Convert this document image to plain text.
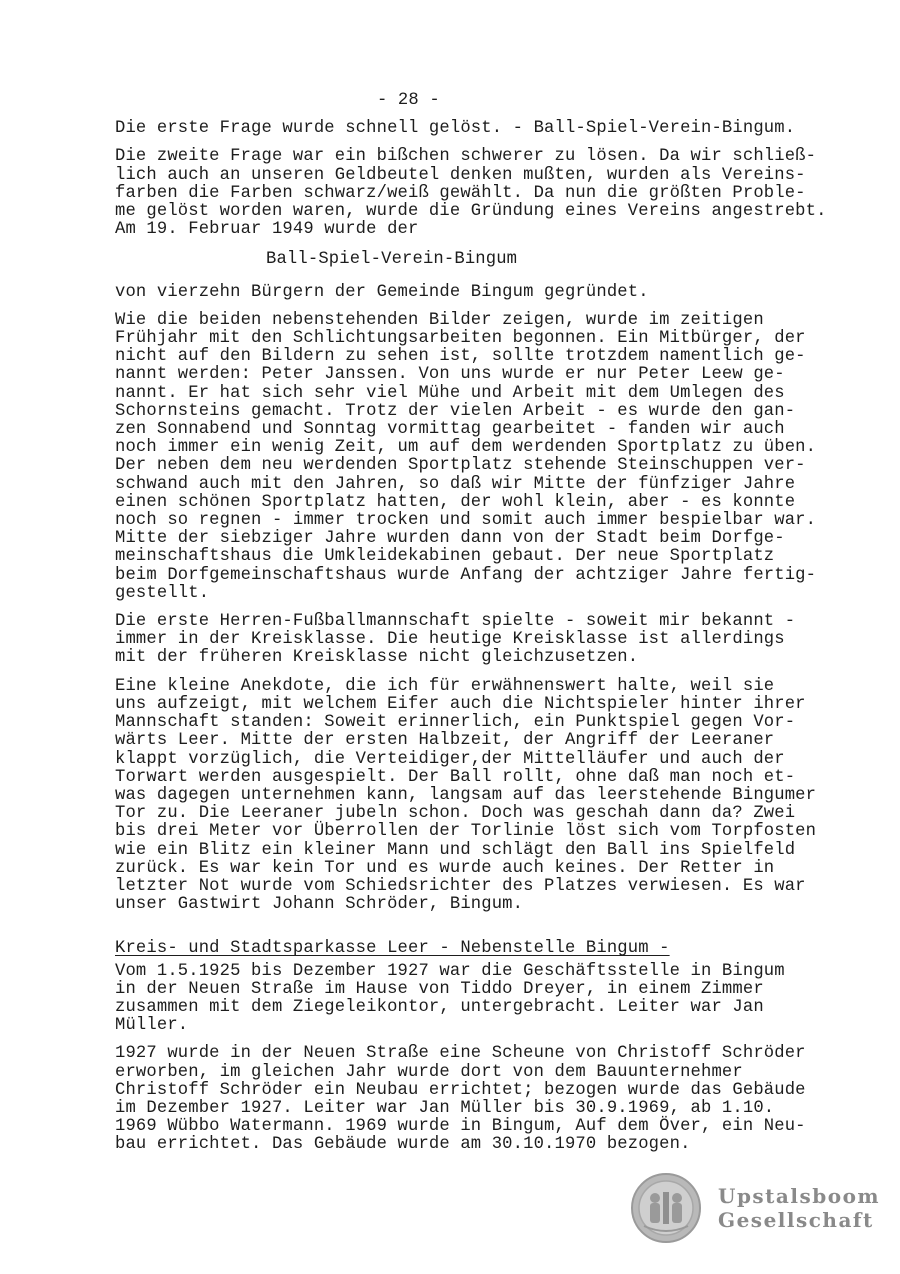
- 28 -

Die erste Frage wurde schnell gelöst. - Ball-Spiel-Verein-Bingum.

Die zweite Frage war ein bißchen schwerer zu lösen. Da wir schließ-
lich auch an unseren Geldbeutel denken mußten, wurden als Vereins-
farben die Farben schwarz/weiß gewählt. Da nun die größten Proble-
me gelöst worden waren, wurde die Gründung eines Vereins angestrebt.
Am 19. Februar 1949 wurde der

Ball-Spiel-Verein-Bingum

von vierzehn Bürgern der Gemeinde Bingum gegründet.

Wie die beiden nebenstehenden Bilder zeigen, wurde im zeitigen
Frühjahr mit den Schlichtungsarbeiten begonnen. Ein Mitbürger, der
nicht auf den Bildern zu sehen ist, sollte trotzdem namentlich ge-
nannt werden: Peter Janssen. Von uns wurde er nur Peter Leew ge-
nannt. Er hat sich sehr viel Mühe und Arbeit mit dem Umlegen des
Schornsteins gemacht. Trotz der vielen Arbeit - es wurde den gan-
zen Sonnabend und Sonntag vormittag gearbeitet - fanden wir auch
noch immer ein wenig Zeit, um auf dem werdenden Sportplatz zu üben.
Der neben dem neu werdenden Sportplatz stehende Steinschuppen ver-
schwand auch mit den Jahren, so daß wir Mitte der fünfziger Jahre
einen schönen Sportplatz hatten, der wohl klein, aber - es konnte
noch so regnen - immer trocken und somit auch immer bespielbar war.
Mitte der siebziger Jahre wurden dann von der Stadt beim Dorfge-
meinschaftshaus die Umkleidekabinen gebaut. Der neue Sportplatz
beim Dorfgemeinschaftshaus wurde Anfang der achtziger Jahre fertig-
gestellt.

Die erste Herren-Fußballmannschaft spielte - soweit mir bekannt -
immer in der Kreisklasse. Die heutige Kreisklasse ist allerdings
mit der früheren Kreisklasse nicht gleichzusetzen.

Eine kleine Anekdote, die ich für erwähnenswert halte, weil sie
uns aufzeigt, mit welchem Eifer auch die Nichtspieler hinter ihrer
Mannschaft standen: Soweit erinnerlich, ein Punktspiel gegen Vor-
wärts Leer. Mitte der ersten Halbzeit, der Angriff der Leeraner
klappt vorzüglich, die Verteidiger,der Mittelläufer und auch der
Torwart werden ausgespielt. Der Ball rollt, ohne daß man noch et-
was dagegen unternehmen kann, langsam auf das leerstehende Bingumer
Tor zu. Die Leeraner jubeln schon. Doch was geschah dann da? Zwei
bis drei Meter vor Überrollen der Torlinie löst sich vom Torpfosten
wie ein Blitz ein kleiner Mann und schlägt den Ball ins Spielfeld
zurück. Es war kein Tor und es wurde auch keines. Der Retter in
letzter Not wurde vom Schiedsrichter des Platzes verwiesen. Es war
unser Gastwirt Johann Schröder, Bingum.

Kreis- und Stadtsparkasse Leer - Nebenstelle Bingum -

Vom 1.5.1925 bis Dezember 1927 war die Geschäftsstelle in Bingum
in der Neuen Straße im Hause von Tiddo Dreyer, in einem Zimmer
zusammen mit dem Ziegeleikontor, untergebracht. Leiter war Jan
Müller.

1927 wurde in der Neuen Straße eine Scheune von Christoff Schröder
erworben, im gleichen Jahr wurde dort von dem Bauunternehmer
Christoff Schröder ein Neubau errichtet; bezogen wurde das Gebäude
im Dezember 1927. Leiter war Jan Müller bis 30.9.1969, ab 1.10.
1969 Wübbo Watermann. 1969 wurde in Bingum, Auf dem Över, ein Neu-
bau errichtet. Das Gebäude wurde am 30.10.1970 bezogen.

Upstalsboom
Gesellschaft
